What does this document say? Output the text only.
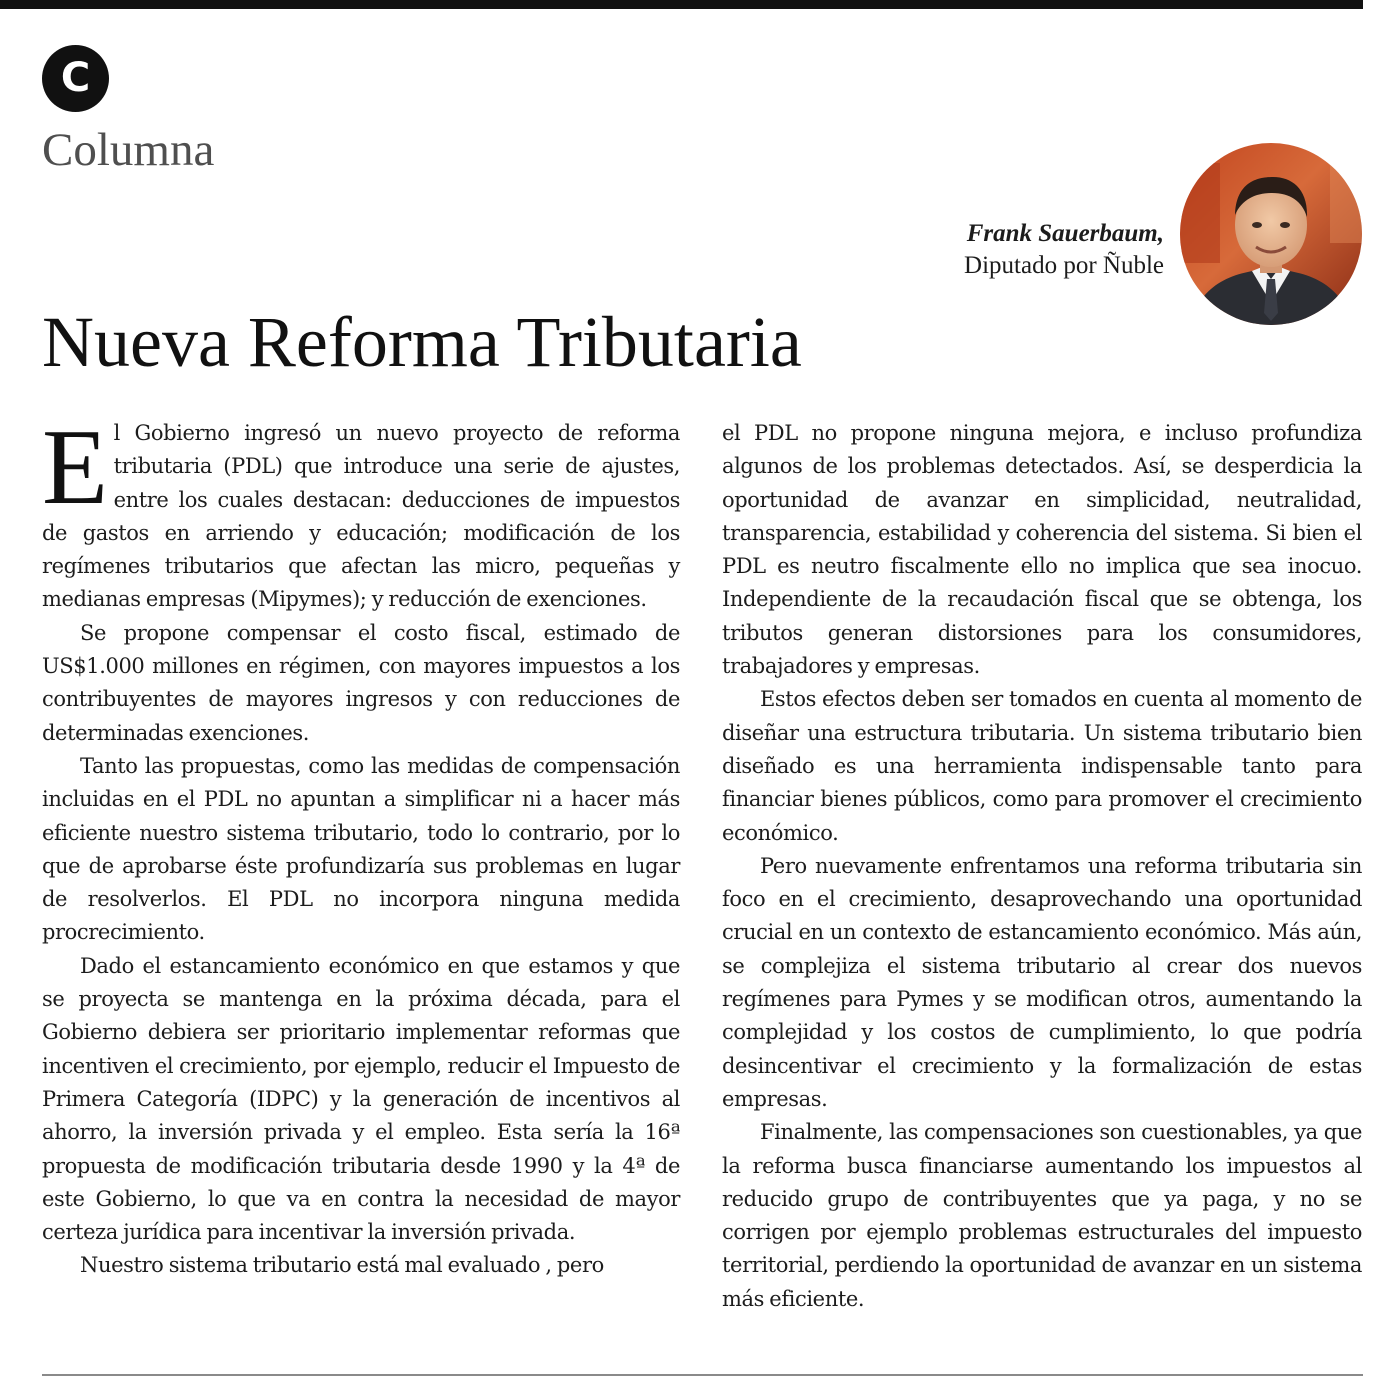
C
Columna
Frank Sauerbaum,
Diputado por Ñuble
Nueva Reforma Tributaria

El Gobierno ingresó un nuevo proyecto de reforma tributaria (PDL) que introduce una serie de ajustes, entre los cuales destacan: deducciones de impuestos de gastos en arriendo y educación; modificación de los regímenes tributarios que afectan las micro, pequeñas y medianas empresas (Mipymes); y reducción de exenciones.

Se propone compensar el costo fiscal, estimado de US$1.000 millones en régimen, con mayores impuestos a los contribuyentes de mayores ingresos y con reducciones de determinadas exenciones.

Tanto las propuestas, como las medidas de compensación incluidas en el PDL no apuntan a simplificar ni a hacer más eficiente nuestro sistema tributario, todo lo contrario, por lo que de aprobarse éste profundizaría sus problemas en lugar de resolverlos. El PDL no incorpora ninguna medida procrecimiento.

Dado el estancamiento económico en que estamos y que se proyecta se mantenga en la próxima década, para el Gobierno debiera ser prioritario implementar reformas que incentiven el crecimiento, por ejemplo, reducir el Impuesto de Primera Categoría (IDPC) y la generación de incentivos al ahorro, la inversión privada y el empleo. Esta sería la 16ª propuesta de modificación tributaria desde 1990 y la 4ª de este Gobierno, lo que va en contra la necesidad de mayor certeza jurídica para incentivar la inversión privada.

Nuestro sistema tributario está mal evaluado , pero

el PDL no propone ninguna mejora, e incluso profundiza algunos de los problemas detectados. Así, se desperdicia la oportunidad de avanzar en simplicidad, neutralidad, transparencia, estabilidad y coherencia del sistema. Si bien el PDL es neutro fiscalmente ello no implica que sea inocuo. Independiente de la recaudación fiscal que se obtenga, los tributos generan distorsiones para los consumidores, trabajadores y empresas.

Estos efectos deben ser tomados en cuenta al momento de diseñar una estructura tributaria. Un sistema tributario bien diseñado es una herramienta indispensable tanto para financiar bienes públicos, como para promover el crecimiento económico.

Pero nuevamente enfrentamos una reforma tributaria sin foco en el crecimiento, desaprovechando una oportunidad crucial en un contexto de estancamiento económico. Más aún, se complejiza el sistema tributario al crear dos nuevos regímenes para Pymes y se modifican otros, aumentando la complejidad y los costos de cumplimiento, lo que podría desincentivar el crecimiento y la formalización de estas empresas.

Finalmente, las compensaciones son cuestionables, ya que la reforma busca financiarse aumentando los impuestos al reducido grupo de contribuyentes que ya paga, y no se corrigen por ejemplo problemas estructurales del impuesto territorial, perdiendo la oportunidad de avanzar en un sistema más eficiente.
